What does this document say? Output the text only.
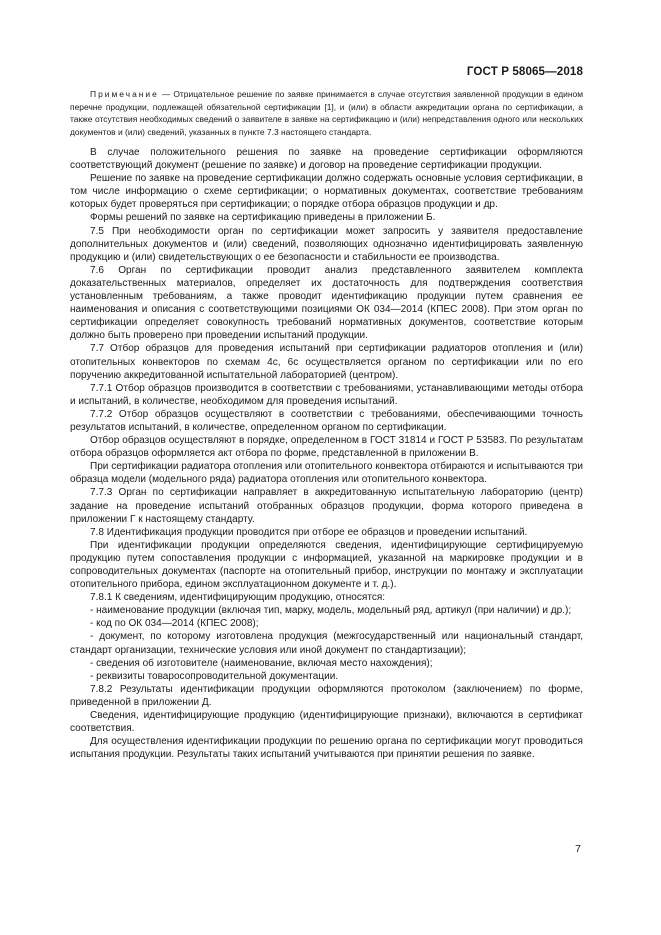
ГОСТ Р 58065—2018

Примечание — Отрицательное решение по заявке принимается в случае отсутствия заявленной продукции в едином перечне продукции, подлежащей обязательной сертификации [1], и (или) в области аккредитации органа по сертификации, а также отсутствия необходимых сведений о заявителе в заявке на сертификацию и (или) непредставления одного или нескольких документов и (или) сведений, указанных в пункте 7.3 настоящего стандарта.

В случае положительного решения по заявке на проведение сертификации оформляются соответствующий документ (решение по заявке) и договор на проведение сертификации продукции.

Решение по заявке на проведение сертификации должно содержать основные условия сертификации, в том числе информацию о схеме сертификации; о нормативных документах, соответствие требованиям которых будет проверяться при сертификации; о порядке отбора образцов продукции и др.

Формы решений по заявке на сертификацию приведены в приложении Б.

7.5 При необходимости орган по сертификации может запросить у заявителя предоставление дополнительных документов и (или) сведений, позволяющих однозначно идентифицировать заявленную продукцию и (или) свидетельствующих о ее безопасности и стабильности ее производства.

7.6 Орган по сертификации проводит анализ представленного заявителем комплекта доказательственных материалов, определяет их достаточность для подтверждения соответствия установленным требованиям, а также проводит идентификацию продукции путем сравнения ее наименования и описания с соответствующими позициями ОК 034—2014 (КПЕС 2008). При этом орган по сертификации определяет совокупность требований нормативных документов, соответствие которым должно быть проверено при проведении испытаний продукции.

7.7 Отбор образцов для проведения испытаний при сертификации радиаторов отопления и (или) отопительных конвекторов по схемам 4с, 6с осуществляется органом по сертификации или по его поручению аккредитованной испытательной лабораторией (центром).

7.7.1 Отбор образцов производится в соответствии с требованиями, устанавливающими методы отбора и испытаний, в количестве, необходимом для проведения испытаний.

7.7.2 Отбор образцов осуществляют в соответствии с требованиями, обеспечивающими точность результатов испытаний, в количестве, определенном органом по сертификации.

Отбор образцов осуществляют в порядке, определенном в ГОСТ 31814 и ГОСТ Р 53583. По результатам отбора образцов оформляется акт отбора по форме, представленной в приложении В.

При сертификации радиатора отопления или отопительного конвектора отбираются и испытываются три образца модели (модельного ряда) радиатора отопления или отопительного конвектора.

7.7.3 Орган по сертификации направляет в аккредитованную испытательную лабораторию (центр) задание на проведение испытаний отобранных образцов продукции, форма которого приведена в приложении Г к настоящему стандарту.

7.8 Идентификация продукции проводится при отборе ее образцов и проведении испытаний.

При идентификации продукции определяются сведения, идентифицирующие сертифицируемую продукцию путем сопоставления продукции с информацией, указанной на маркировке продукции и в сопроводительных документах (паспорте на отопительный прибор, инструкции по монтажу и эксплуатации отопительного прибора, едином эксплуатационном документе и т. д.).

7.8.1 К сведениям, идентифицирующим продукцию, относятся:

- наименование продукции (включая тип, марку, модель, модельный ряд, артикул (при наличии) и др.);

- код по ОК 034—2014 (КПЕС 2008);

- документ, по которому изготовлена продукция (межгосударственный или национальный стандарт, стандарт организации, технические условия или иной документ по стандартизации);

- сведения об изготовителе (наименование, включая место нахождения);

- реквизиты товаросопроводительной документации.

7.8.2 Результаты идентификации продукции оформляются протоколом (заключением) по форме, приведенной в приложении Д.

Сведения, идентифицирующие продукцию (идентифицирующие признаки), включаются в сертификат соответствия.

Для осуществления идентификации продукции по решению органа по сертификации могут проводиться испытания продукции. Результаты таких испытаний учитываются при принятии решения по заявке.

7
